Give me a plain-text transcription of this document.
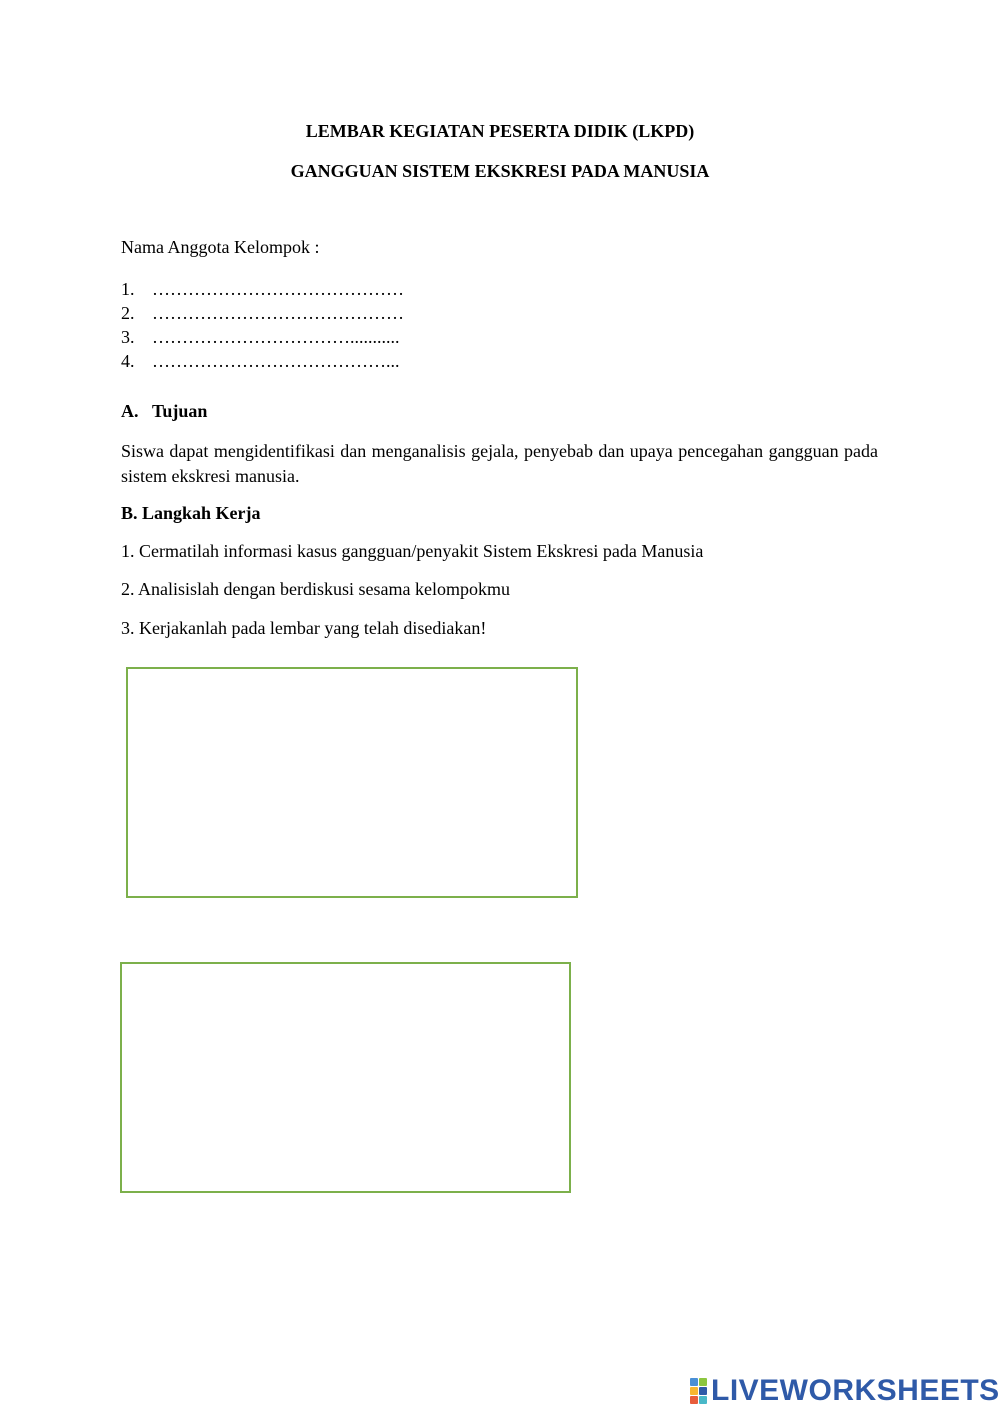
LEMBAR KEGIATAN PESERTA DIDIK (LKPD)
GANGGUAN SISTEM EKSKRESI PADA MANUSIA
Nama Anggota Kelompok :
1. ……………………………………
2. ……………………………………
3. ……………………………...........
4. …………………………………...
A. Tujuan
Siswa dapat mengidentifikasi dan menganalisis gejala, penyebab dan upaya pencegahan gangguan pada sistem ekskresi manusia.
B. Langkah Kerja
1. Cermatilah informasi kasus gangguan/penyakit Sistem Ekskresi pada Manusia
2. Analisislah dengan berdiskusi sesama kelompokmu
3. Kerjakanlah pada lembar yang telah disediakan!
LIVEWORKSHEETS
